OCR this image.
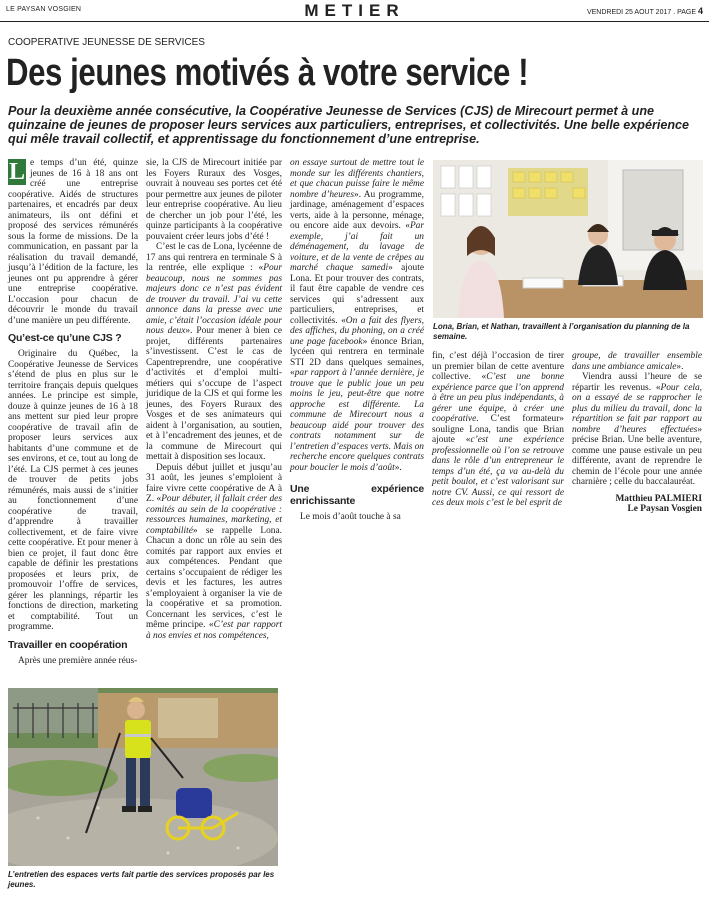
LE PAYSAN VOSGIEN	METIER	VENDREDI 25 AOUT 2017 . PAGE 4
COOPERATIVE JEUNESSE DE SERVICES
Des jeunes motivés à votre service !
Pour la deuxième année consécutive, la Coopérative Jeunesse de Services (CJS) de Mirecourt permet à une quinzaine de jeunes de proposer leurs services aux particuliers, entreprises, et collectivités. Une belle expérience qui mêle travail collectif, et apprentissage du fonctionnement d’une entreprise.

L e temps d’un été, quinze jeunes de 16 à 18 ans ont créé une entreprise coopérative. Aidés de structures partenaires, et encadrés par deux animateurs, ils ont défini et proposé des services rémunérés sous la forme de missions. De la communication, en passant par la réalisation du travail demandé, jusqu’à l’édition de la facture, les jeunes ont pu apprendre à gérer une entreprise coopérative. L’occasion pour chacun de découvrir le monde du travail d’une manière un peu différente.

Qu’est-ce qu’une CJS ?

Originaire du Québec, la Coopérative Jeunesse de Services s’étend de plus en plus sur le territoire français depuis quelques années. Le principe est simple, douze à quinze jeunes de 16 à 18 ans mettent sur pied leur propre coopérative de travail afin de proposer leurs services aux habitants d’une commune et de ses environs, et ce, tout au long de l’été. La CJS permet à ces jeunes de trouver de petits jobs rémunérés, mais aussi de s’initier au fonctionnement d’une coopérative de travail, d’apprendre à travailler collectivement, et de faire vivre cette coopérative. Et pour mener à bien ce projet, il faut donc être capable de définir les prestations proposées et leurs prix, de promouvoir l’offre de services, gérer les plannings, répartir les fonctions de direction, marketing et comptabilité. Tout un programme.

Travailler en coopération

Après une première année réus-

L’entretien des espaces verts fait partie des services proposés par les jeunes.

sie, la CJS de Mirecourt initiée par les Foyers Ruraux des Vosges, ouvrait à nouveau ses portes cet été pour permettre aux jeunes de piloter leur entreprise coopérative. Au lieu de chercher un job pour l’été, les quinze participants à la coopérative pouvaient créer leurs jobs d’été !

C’est le cas de Lona, lycéenne de 17 ans qui rentrera en terminale S à la rentrée, elle explique : «Pour beaucoup, nous ne sommes pas majeurs donc ce n’est pas évident de trouver du travail. J’ai vu cette annonce dans la presse avec une amie, c’était l’occasion idéale pour nous deux». Pour mener à bien ce projet, différents partenaires s’investissent. C’est le cas de Capentreprendre, une coopérative d’activités et d’emploi multi-métiers qui s’occupe de l’aspect juridique de la CJS et qui forme les jeunes, des Foyers Ruraux des Vosges et de ses animateurs qui aident à l’organisation, au soutien, et à l’encadrement des jeunes, et de la commune de Mirecourt qui mettait à disposition ses locaux.

Depuis début juillet et jusqu’au 31 août, les jeunes s’emploient à faire vivre cette coopérative de A à Z. «Pour débuter, il fallait créer des comités au sein de la coopérative : ressources humaines, marketing, et comptabilité» se rappelle Lona. Chacun a donc un rôle au sein des comités par rapport aux envies et aux compétences. Pendant que certains s’occupaient de rédiger les devis et les factures, les autres s’employaient à organiser la vie de la coopérative et sa promotion. Concernant les services, c’est le même principe. «C’est par rapport à nos envies et nos compétences,

on essaye surtout de mettre tout le monde sur les différents chantiers, et que chacun puisse faire le même nombre d’heures». Au programme, jardinage, aménagement d’espaces verts, aide à la personne, ménage, ou encore aide aux devoirs. «Par exemple, j’ai fait un déménagement, du lavage de voiture, et de la vente de crêpes au marché chaque samedi» ajoute Lona. Et pour trouver des contrats, il faut être capable de vendre ces services qui s’adressent aux particuliers, entreprises, et collectivités. «On a fait des flyers, des affiches, du phoning, on a créé une page facebook» énonce Brian, lycéen qui rentrera en terminale STI 2D dans quelques semaines, «par rapport à l’année dernière, je trouve que le public joue un peu moins le jeu, peut-être que notre approche est différente. La commune de Mirecourt nous a beaucoup aidé pour trouver des contrats notamment sur de l’entretien d’espaces verts. Mais on recherche encore quelques contrats pour boucler le mois d’août».

Une expérience enrichissante

Le mois d’août touche à sa

Lona, Brian, et Nathan, travaillent à l’organisation du planning de la semaine.

fin, c’est déjà l’occasion de tirer un premier bilan de cette aventure collective. «C’est une bonne expérience parce que l’on apprend à être un peu plus indépendants, à gérer une équipe, à créer une coopérative. C’est formateur» souligne Lona, tandis que Brian ajoute «c’est une expérience professionnelle où l’on se retrouve dans le rôle d’un entrepreneur le temps d’un été, ça va au-delà du petit boulot, et c’est valorisant sur notre CV. Aussi, ce qui ressort de ces deux mois c’est le bel esprit de

groupe, de travailler ensemble dans une ambiance amicale».

Viendra aussi l’heure de se répartir les revenus. «Pour cela, on a essayé de se rapprocher le plus du milieu du travail, donc la répartition se fait par rapport au nombre d’heures effectuées» précise Brian. Une belle aventure, comme une pause estivale un peu différente, avant de reprendre le chemin de l’école pour une année charnière ; celle du baccalauréat.

Matthieu PALMIERI
Le Paysan Vosgien
